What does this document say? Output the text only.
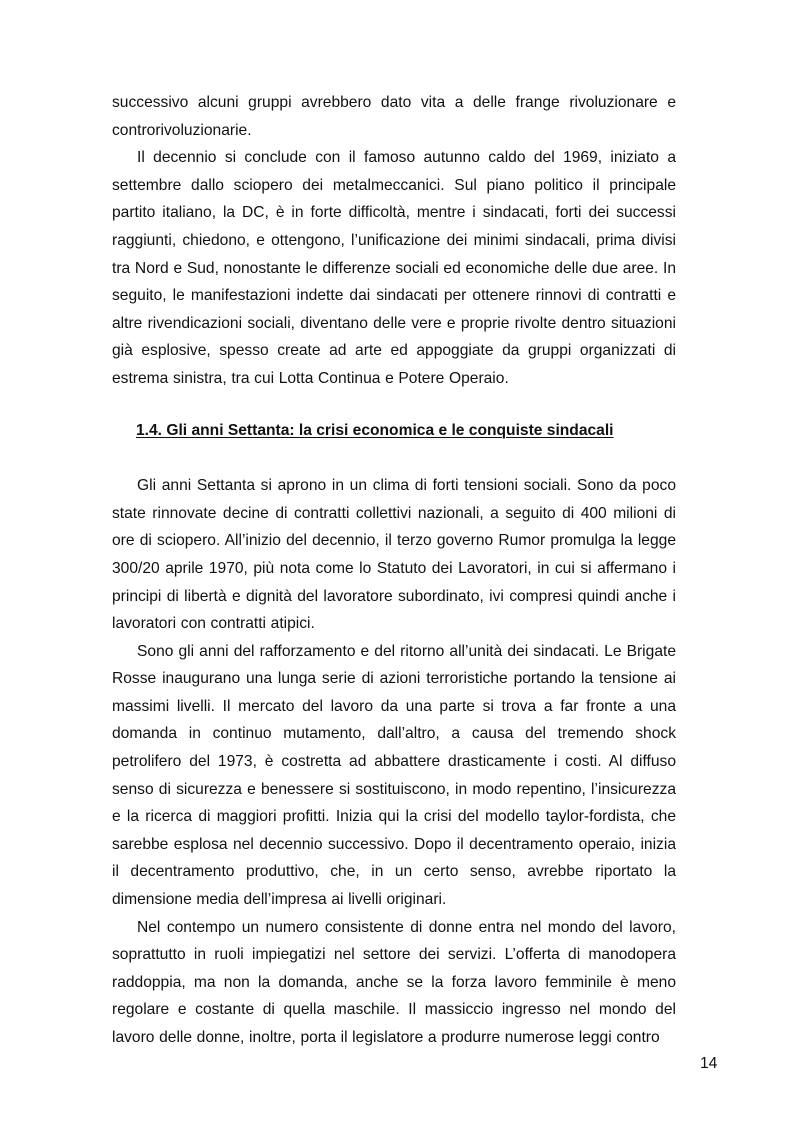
successivo alcuni gruppi avrebbero dato vita a delle frange rivoluzionare e controrivoluzionarie.

Il decennio si conclude con il famoso autunno caldo del 1969, iniziato a settembre dallo sciopero dei metalmeccanici. Sul piano politico il principale partito italiano, la DC, è in forte difficoltà, mentre i sindacati, forti dei successi raggiunti, chiedono, e ottengono, l’unificazione dei minimi sindacali, prima divisi tra Nord e Sud, nonostante le differenze sociali ed economiche delle due aree. In seguito, le manifestazioni indette dai sindacati per ottenere rinnovi di contratti e altre rivendicazioni sociali, diventano delle vere e proprie rivolte dentro situazioni già esplosive, spesso create ad arte ed appoggiate da gruppi organizzati di estrema sinistra, tra cui Lotta Continua e Potere Operaio.

1.4. Gli anni Settanta: la crisi economica e le conquiste sindacali

Gli anni Settanta si aprono in un clima di forti tensioni sociali. Sono da poco state rinnovate decine di contratti collettivi nazionali, a seguito di 400 milioni di ore di sciopero. All’inizio del decennio, il terzo governo Rumor promulga la legge 300/20 aprile 1970, più nota come lo Statuto dei Lavoratori, in cui si affermano i principi di libertà e dignità del lavoratore subordinato, ivi compresi quindi anche i lavoratori con contratti atipici.

Sono gli anni del rafforzamento e del ritorno all’unità dei sindacati. Le Brigate Rosse inaugurano una lunga serie di azioni terroristiche portando la tensione ai massimi livelli. Il mercato del lavoro da una parte si trova a far fronte a una domanda in continuo mutamento, dall’altro, a causa del tremendo shock petrolifero del 1973, è costretta ad abbattere drasticamente i costi. Al diffuso senso di sicurezza e benessere si sostituiscono, in modo repentino, l’insicurezza e la ricerca di maggiori profitti. Inizia qui la crisi del modello taylor-fordista, che sarebbe esplosa nel decennio successivo. Dopo il decentramento operaio, inizia il decentramento produttivo, che, in un certo senso, avrebbe riportato la dimensione media dell’impresa ai livelli originari.

Nel contempo un numero consistente di donne entra nel mondo del lavoro, soprattutto in ruoli impiegatizi nel settore dei servizi. L’offerta di manodopera raddoppia, ma non la domanda, anche se la forza lavoro femminile è meno regolare e costante di quella maschile. Il massiccio ingresso nel mondo del lavoro delle donne, inoltre, porta il legislatore a produrre numerose leggi contro

14
